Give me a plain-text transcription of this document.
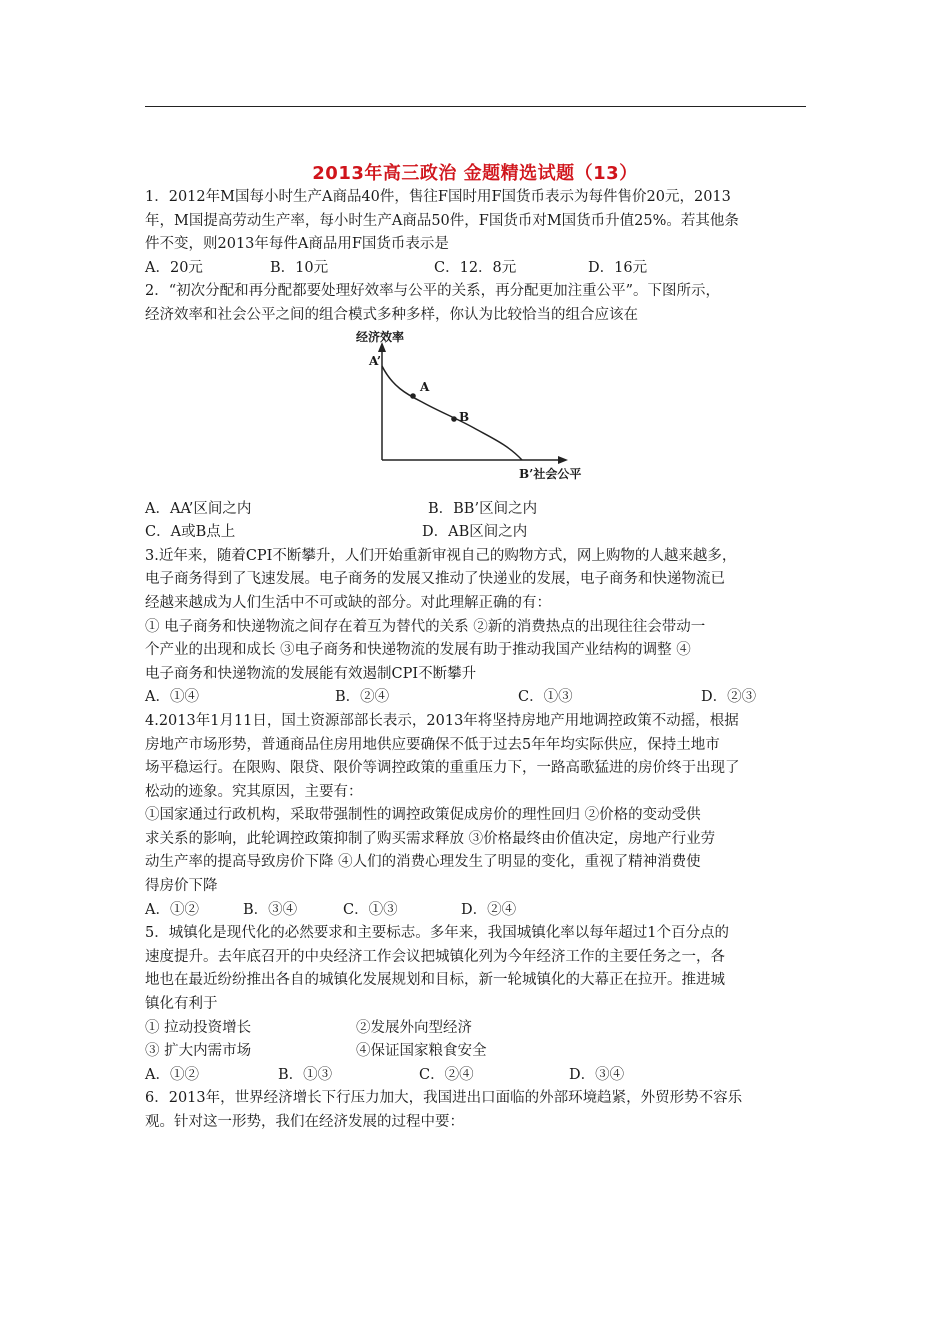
2013年高三政治 金题精选试题（13）

1．2012年M国每小时生产A商品40件，售往F国时用F国货币表示为每件售价20元，2013

年，M国提高劳动生产率，每小时生产A商品50件，F国货币对M国货币升值25%。若其他条

件不变，则2013年每件A商品用F国货币表示是

A．20元	B．10元	C．12．8元	D．16元

2．“初次分配和再分配都要处理好效率与公平的关系，再分配更加注重公平”。下图所示，

经济效率和社会公平之间的组合模式多种多样，你认为比较恰当的组合应该在

经济效率
A’
A
B
B’社会公平
A．AA’区间之内	B．BB’区间之内
C．A或B点上	D．AB区间之内

3.近年来，随着CPI不断攀升，人们开始重新审视自己的购物方式，网上购物的人越来越多，

电子商务得到了飞速发展。电子商务的发展又推动了快递业的发展，电子商务和快递物流已

经越来越成为人们生活中不可或缺的部分。对此理解正确的有：

① 电子商务和快递物流之间存在着互为替代的关系 ②新的消费热点的出现往往会带动一

个产业的出现和成长 ③电子商务和快递物流的发展有助于推动我国产业结构的调整 ④

电子商务和快递物流的发展能有效遏制CPI不断攀升

A．①④	B．②④	C．①③	D．②③

4.2013年1月11日，国土资源部部长表示，2013年将坚持房地产用地调控政策不动摇，根据

房地产市场形势，普通商品住房用地供应要确保不低于过去5年年均实际供应，保持土地市

场平稳运行。在限购、限贷、限价等调控政策的重重压力下，一路高歌猛进的房价终于出现了

松动的迹象。究其原因，主要有：

①国家通过行政机构，采取带强制性的调控政策促成房价的理性回归 ②价格的变动受供

求关系的影响，此轮调控政策抑制了购买需求释放 ③价格最终由价值决定，房地产行业劳

动生产率的提高导致房价下降 ④人们的消费心理发生了明显的变化，重视了精神消费使

得房价下降

A．①②	B．③④	C．①③	D．②④

5．城镇化是现代化的必然要求和主要标志。多年来，我国城镇化率以每年超过1个百分点的

速度提升。去年底召开的中央经济工作会议把城镇化列为今年经济工作的主要任务之一，各

地也在最近纷纷推出各自的城镇化发展规划和目标，新一轮城镇化的大幕正在拉开。推进城

镇化有利于

① 拉动投资增长	②发展外向型经济
③ 扩大内需市场	④保证国家粮食安全
A．①②	B．①③	C．②④	D．③④

6．2013年，世界经济增长下行压力加大，我国进出口面临的外部环境趋紧，外贸形势不容乐

观。针对这一形势，我们在经济发展的过程中要：
